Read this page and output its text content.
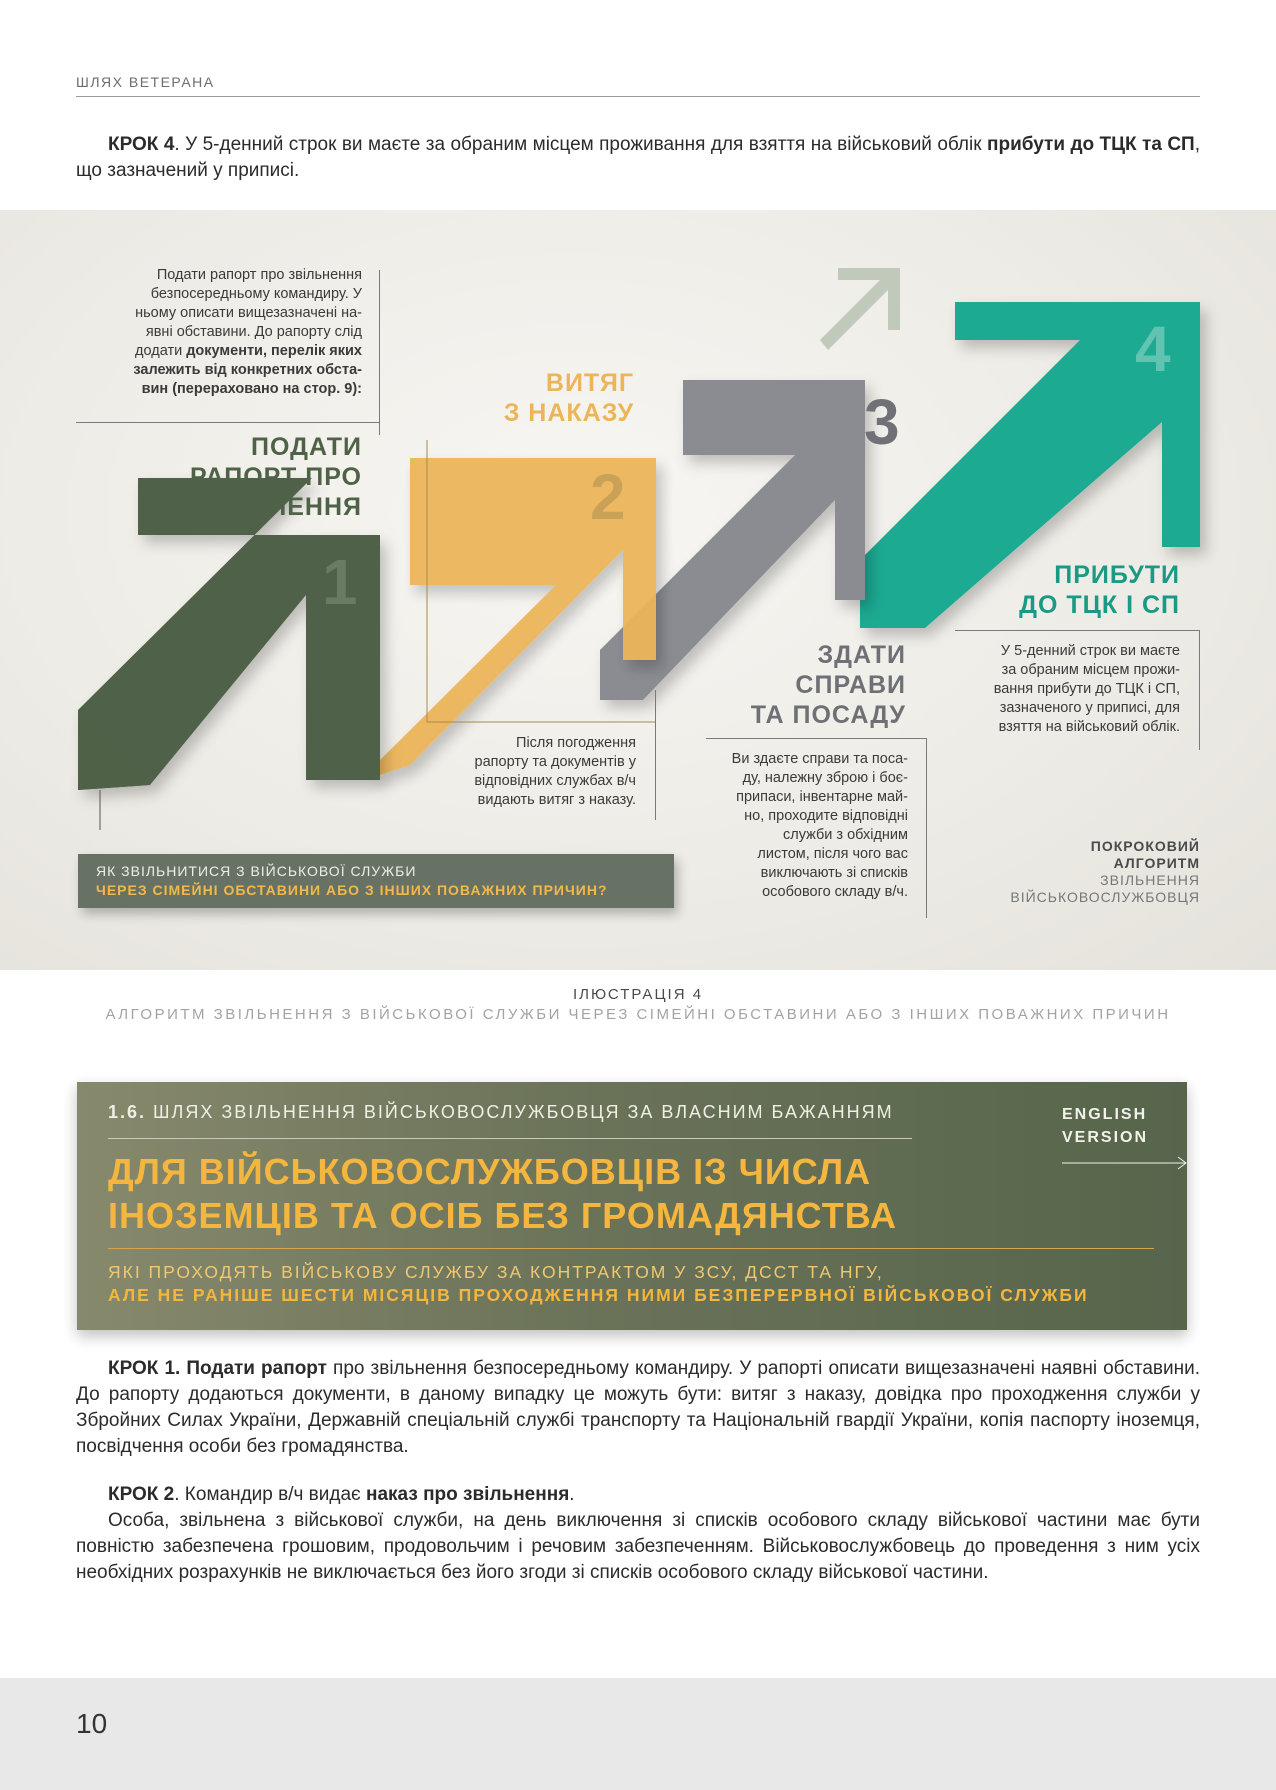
ШЛЯХ ВЕТЕРАНА
КРОК 4. У 5-денний строк ви маєте за обраним місцем проживання для взяття на військовий облік прибути до ТЦК та СП, що зазначений у приписі.
1
2
3
4
Подати рапорт про звільнення
безпосередньому командиру. У
ньому описати вищезазначені на-
явні обставини. До рапорту слід
додати документи, перелік яких
залежить від конкретних обста-
вин (перераховано на стор. 9):
ПОДАТИ
РАПОРТ ПРО
ЗВІЛЬНЕННЯ
ВИТЯГ
З НАКАЗУ
Після погодження
рапорту та документів у
відповідних службах в/ч
видають витяг з наказу.
ЗДАТИ
СПРАВИ
ТА ПОСАДУ
Ви здаєте справи та поса-
ду, належну зброю і боє-
припаси, інвентарне май-
но, проходите відповідні
служби з обхідним
листом, після чого вас
виключають зі списків
особового складу в/ч.
ПРИБУТИ
ДО ТЦК І СП
У 5-денний строк ви маєте
за обраним місцем прожи-
вання прибути до ТЦК і СП,
зазначеного у приписі, для
взяття на військовий облік.
ЯК ЗВІЛЬНИТИСЯ З ВІЙСЬКОВОЇ СЛУЖБИ
ЧЕРЕЗ СІМЕЙНІ ОБСТАВИНИ АБО З ІНШИХ ПОВАЖНИХ ПРИЧИН?
ПОКРОКОВИЙ
АЛГОРИТМ
ЗВІЛЬНЕННЯ
ВІЙСЬКОВОСЛУЖБОВЦЯ
ІЛЮСТРАЦІЯ 4
АЛГОРИТМ ЗВІЛЬНЕННЯ З ВІЙСЬКОВОЇ СЛУЖБИ ЧЕРЕЗ СІМЕЙНІ ОБСТАВИНИ АБО З ІНШИХ ПОВАЖНИХ ПРИЧИН
1.6. ШЛЯХ ЗВІЛЬНЕННЯ ВІЙСЬКОВОСЛУЖБОВЦЯ ЗА ВЛАСНИМ БАЖАННЯМ
ДЛЯ ВІЙСЬКОВОСЛУЖБОВЦІВ ІЗ ЧИСЛА
ІНОЗЕМЦІВ ТА ОСІБ БЕЗ ГРОМАДЯНСТВА
ЯКІ ПРОХОДЯТЬ ВІЙСЬКОВУ СЛУЖБУ ЗА КОНТРАКТОМ У ЗСУ, ДССТ ТА НГУ,
АЛЕ НЕ РАНІШЕ ШЕСТИ МІСЯЦІВ ПРОХОДЖЕННЯ НИМИ БЕЗПЕРЕРВНОЇ ВІЙСЬКОВОЇ СЛУЖБИ
ENGLISH
VERSION
КРОК 1. Подати рапорт про звільнення безпосередньому командиру. У рапорті описати вищезазначені наявні обставини. До рапорту додаються документи, в даному випадку це можуть бути: витяг з наказу, довідка про проходження служби у Збройних Силах України, Державній спеціальній службі транспорту та Національній гвардії України, копія паспорту іноземця, посвідчення особи без громадянства.
КРОК 2. Командир в/ч видає наказ про звільнення.
Особа, звільнена з військової служби, на день виключення зі списків особового складу військової частини має бути повністю забезпечена грошовим, продовольчим і речовим забезпеченням. Військовослужбовець до проведення з ним усіх необхідних розрахунків не виключається без його згоди зі списків особового складу військової частини.
10
